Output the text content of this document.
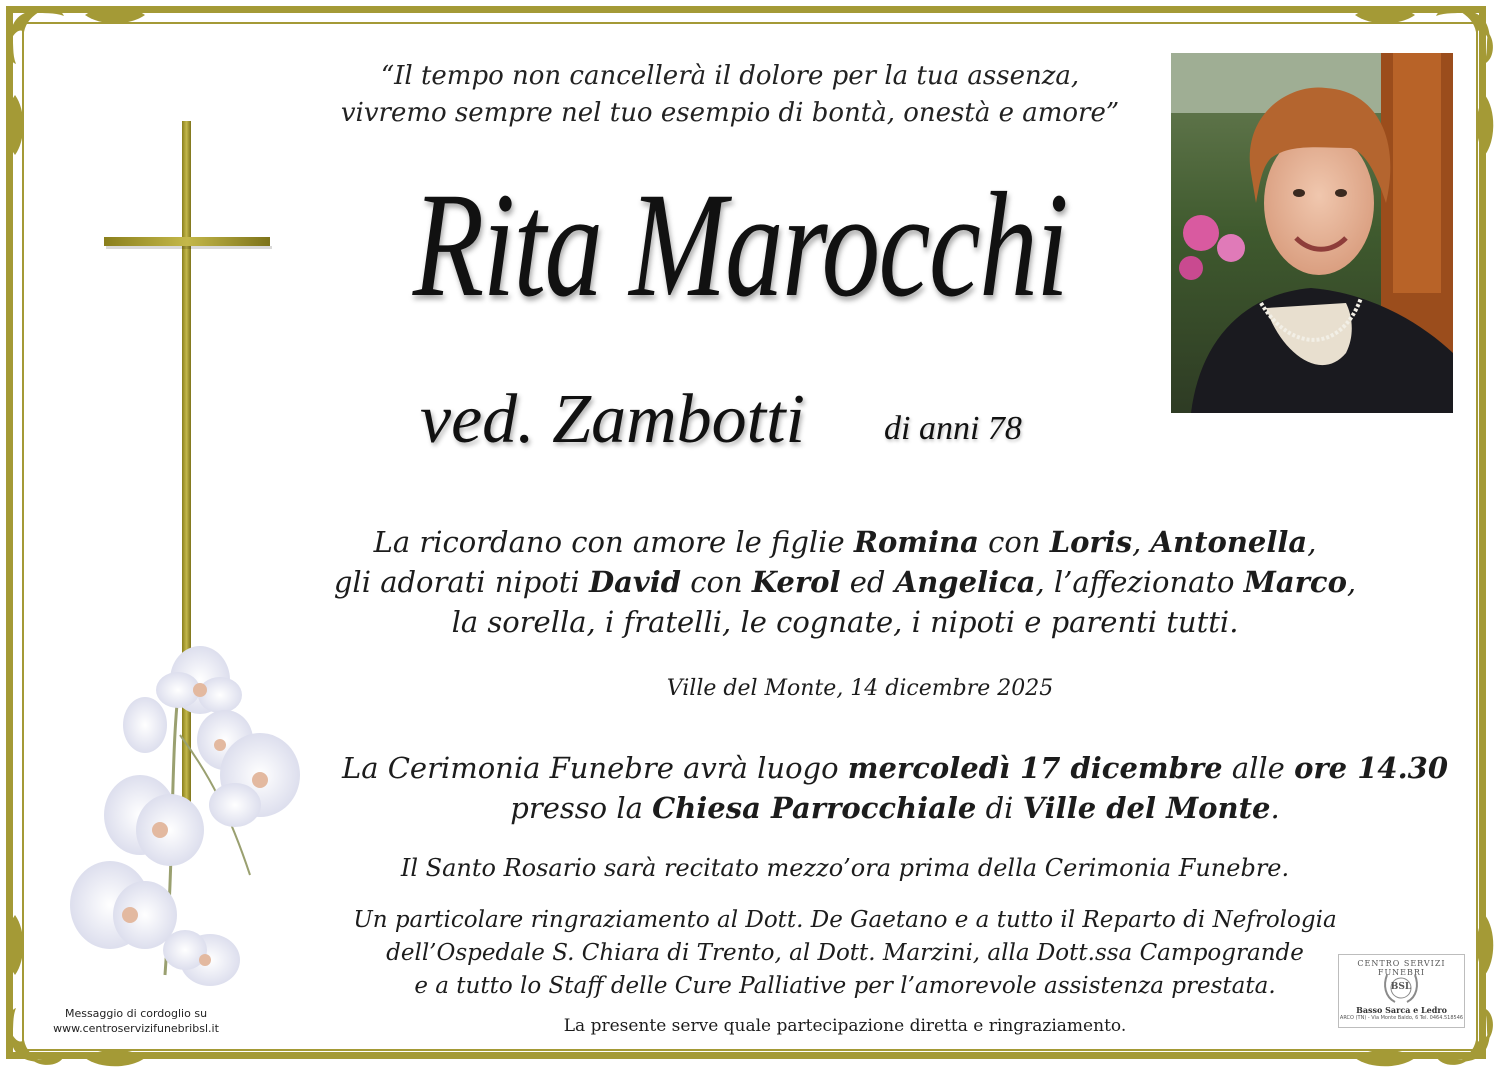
“Il tempo non cancellerà il dolore per la tua assenza,
vivremo sempre nel tuo esempio di bontà, onestà e amore”
Rita Marocchi
ved. Zambotti di anni 78
La ricordano con amore le figlie Romina con Loris, Antonella,
gli adorati nipoti David con Kerol ed Angelica, l’affezionato Marco,
la sorella, i fratelli, le cognate, i nipoti e parenti tutti.
Ville del Monte, 14 dicembre 2025
La Cerimonia Funebre avrà luogo mercoledì 17 dicembre alle ore 14.30
presso la Chiesa Parrocchiale di Ville del Monte.
Il Santo Rosario sarà recitato mezzo’ora prima della Cerimonia Funebre.
Un particolare ringraziamento al Dott. De Gaetano e a tutto il Reparto di Nefrologia
dell’Ospedale S. Chiara di Trento, al Dott. Marzini, alla Dott.ssa Campogrande
e a tutto lo Staff delle Cure Palliative per l’amorevole assistenza prestata.
La presente serve quale partecipazione diretta e ringraziamento.
Messaggio di cordoglio su
www.centroservizifunebribsl.it
CENTRO SERVIZI FUNEBRI
BSL
Basso Sarca e Ledro
ARCO (TN) - Via Monte Baldo, 6 Tel. 0464.518546
